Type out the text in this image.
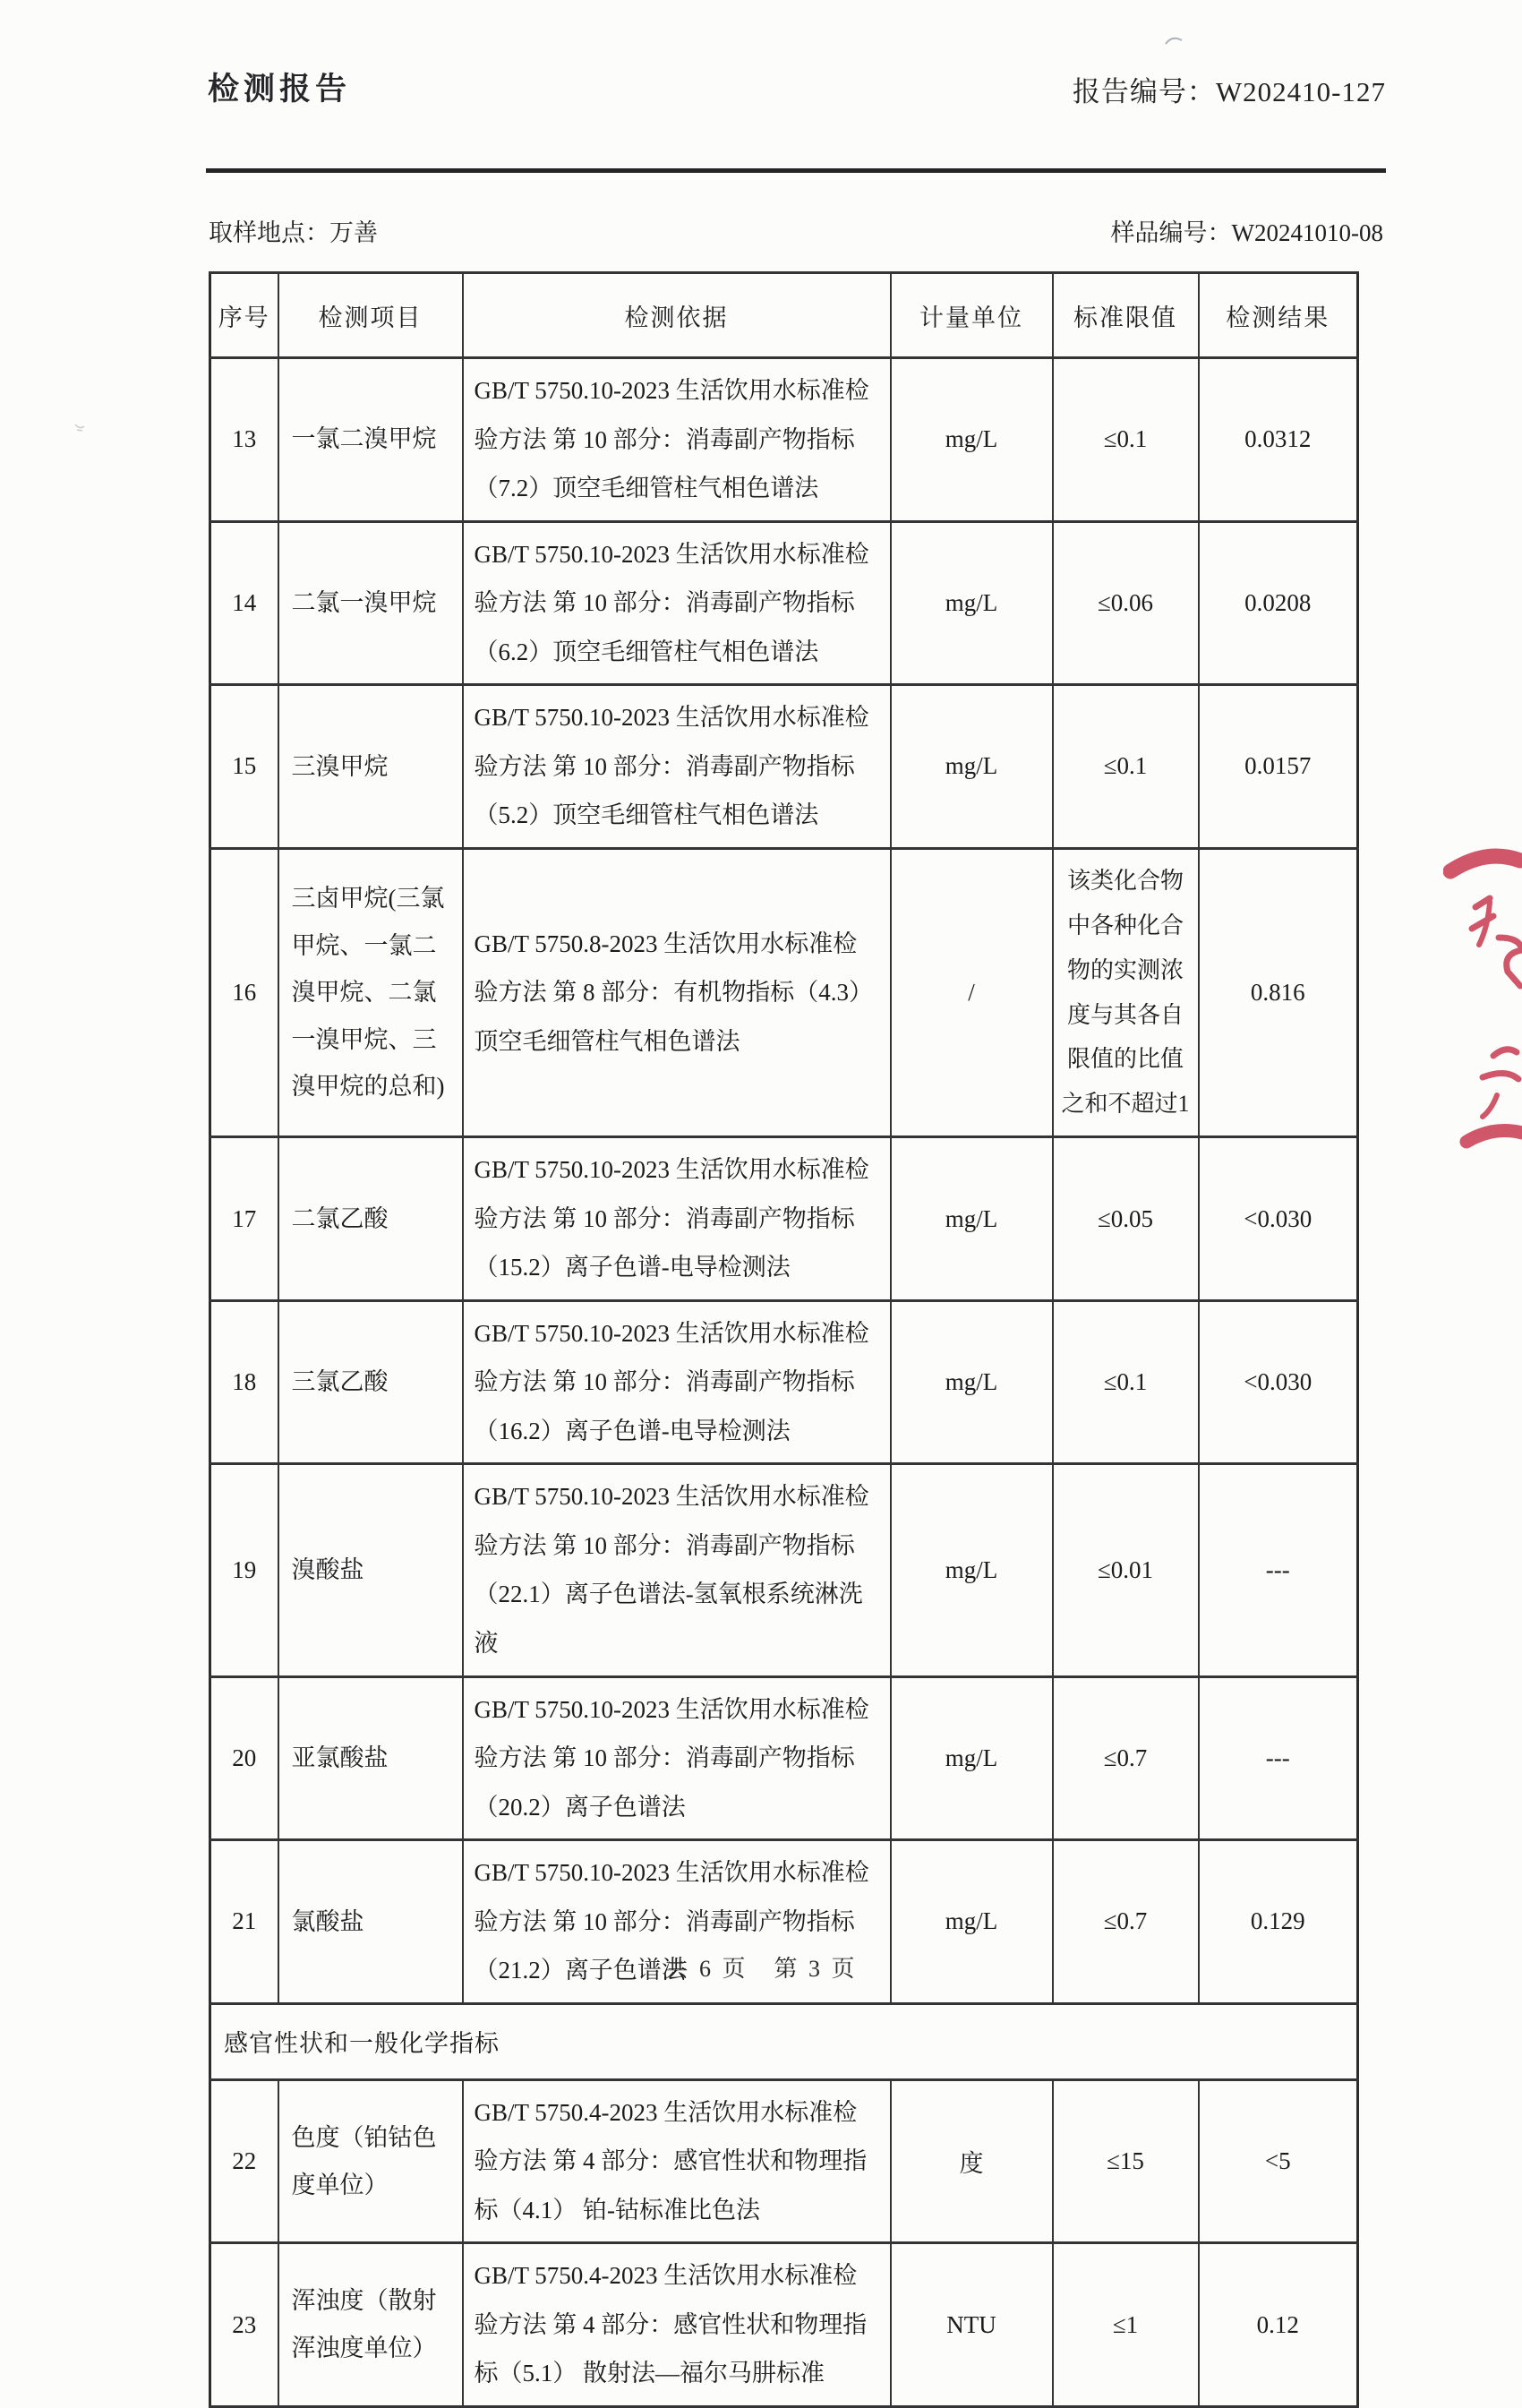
检测报告	报告编号：W202410-127
取样地点：万善	样品编号：W20241010-08
序号	检测项目	检测依据	计量单位	标准限值	检测结果
13	一氯二溴甲烷	GB/T 5750.10-2023 生活饮用水标准检验方法 第 10 部分：消毒副产物指标（7.2）顶空毛细管柱气相色谱法	mg/L	≤0.1	0.0312
14	二氯一溴甲烷	GB/T 5750.10-2023 生活饮用水标准检验方法 第 10 部分：消毒副产物指标（6.2）顶空毛细管柱气相色谱法	mg/L	≤0.06	0.0208
15	三溴甲烷	GB/T 5750.10-2023 生活饮用水标准检验方法 第 10 部分：消毒副产物指标（5.2）顶空毛细管柱气相色谱法	mg/L	≤0.1	0.0157
16	三卤甲烷(三氯甲烷、一氯二溴甲烷、二氯一溴甲烷、三溴甲烷的总和)	GB/T 5750.8-2023 生活饮用水标准检验方法 第 8 部分：有机物指标（4.3）顶空毛细管柱气相色谱法	/	该类化合物中各种化合物的实测浓度与其各自限值的比值之和不超过1	0.816
17	二氯乙酸	GB/T 5750.10-2023 生活饮用水标准检验方法 第 10 部分：消毒副产物指标（15.2）离子色谱-电导检测法	mg/L	≤0.05	<0.030
18	三氯乙酸	GB/T 5750.10-2023 生活饮用水标准检验方法 第 10 部分：消毒副产物指标（16.2）离子色谱-电导检测法	mg/L	≤0.1	<0.030
19	溴酸盐	GB/T 5750.10-2023 生活饮用水标准检验方法 第 10 部分：消毒副产物指标（22.1）离子色谱法-氢氧根系统淋洗液	mg/L	≤0.01	---
20	亚氯酸盐	GB/T 5750.10-2023 生活饮用水标准检验方法 第 10 部分：消毒副产物指标（20.2）离子色谱法	mg/L	≤0.7	---
21	氯酸盐	GB/T 5750.10-2023 生活饮用水标准检验方法 第 10 部分：消毒副产物指标（21.2）离子色谱法	mg/L	≤0.7	0.129
感官性状和一般化学指标					
22	色度（铂钴色度单位）	GB/T 5750.4-2023 生活饮用水标准检验方法 第 4 部分：感官性状和物理指标（4.1） 铂-钴标准比色法	度	≤15	<5
23	浑浊度（散射浑浊度单位）	GB/T 5750.4-2023 生活饮用水标准检验方法 第 4 部分：感官性状和物理指标（5.1） 散射法—福尔马肼标准	NTU	≤1	0.12
共 6 页　第 3 页
